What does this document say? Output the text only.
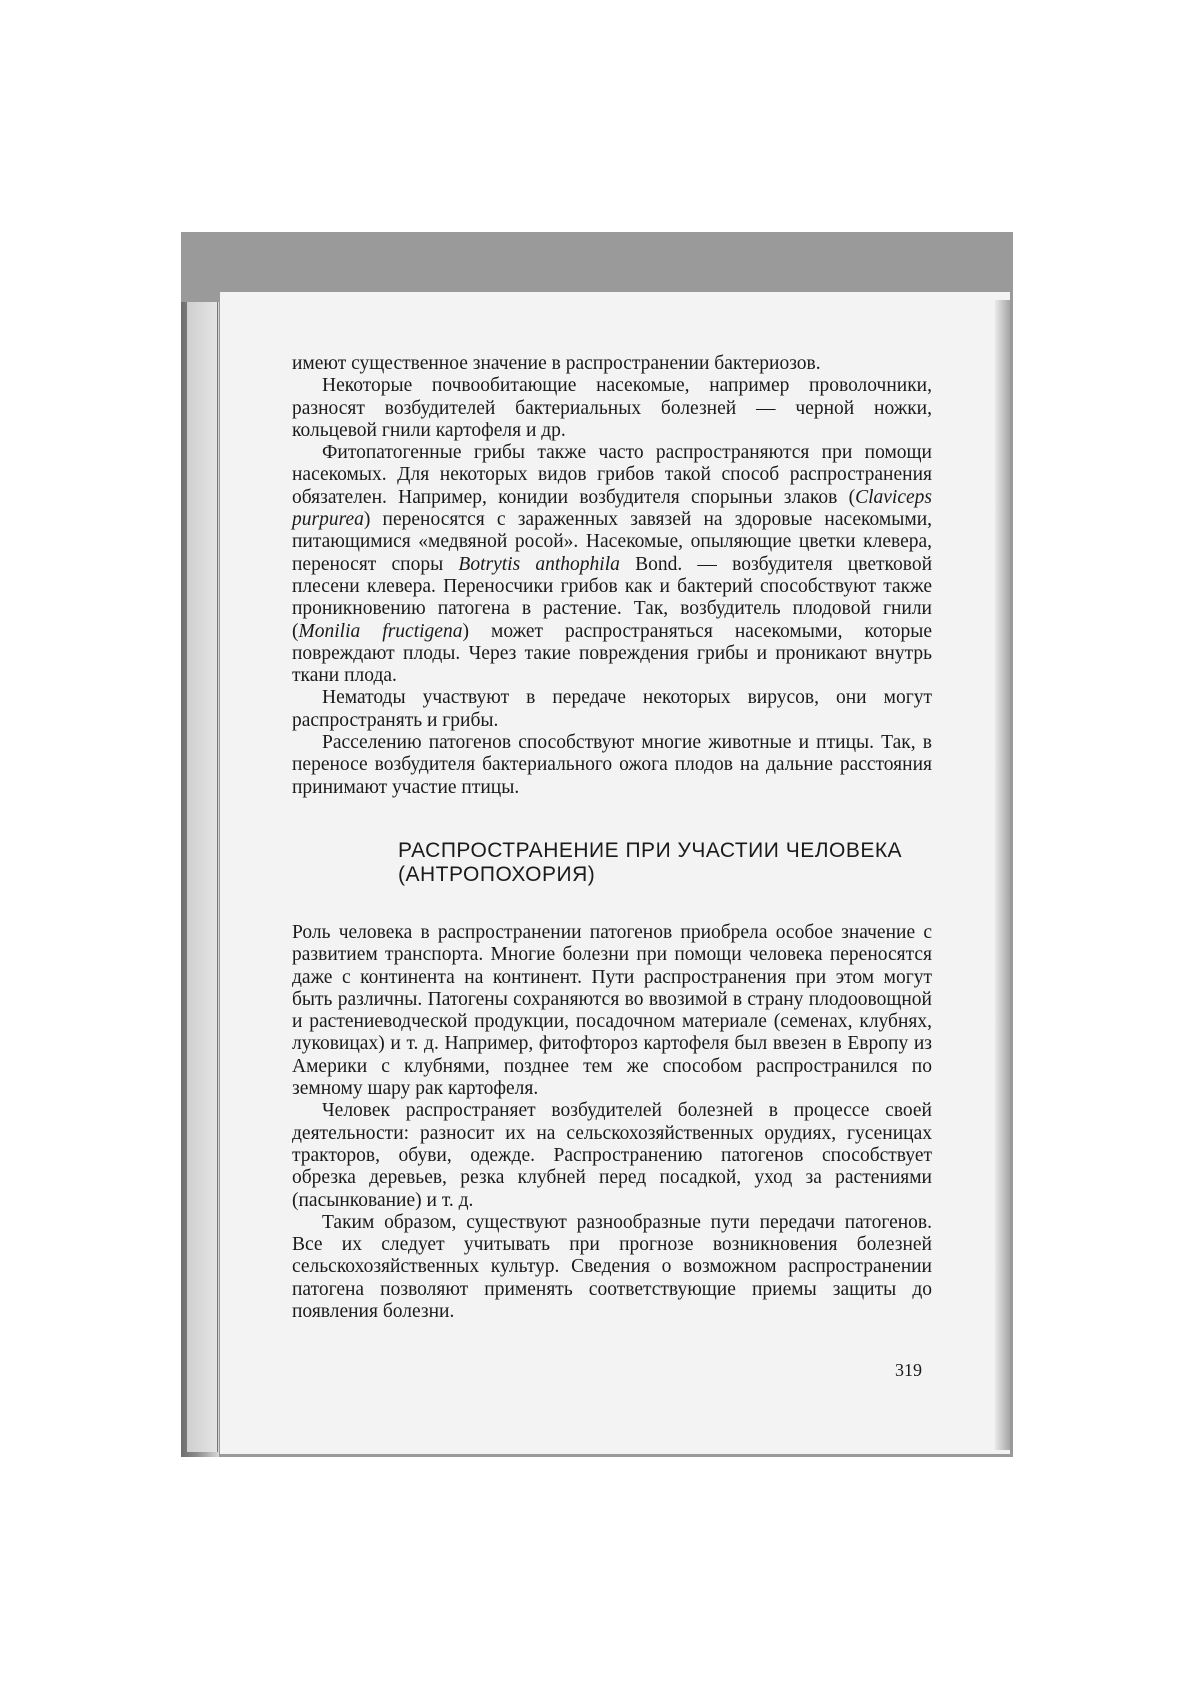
имеют существенное значение в распространении бактериозов.

Некоторые почвообитающие насекомые, например проволочники, разносят возбудителей бактериальных болезней — черной ножки, кольцевой гнили картофеля и др.

Фитопатогенные грибы также часто распространяются при помощи насекомых. Для некоторых видов грибов такой способ распространения обязателен. Например, конидии возбудителя спорыньи злаков (Claviceps purpurea) переносятся с зараженных завязей на здоровые насекомыми, питающимися «медвяной росой». Насекомые, опыляющие цветки клевера, переносят споры Botrytis anthophila Bond. — возбудителя цветковой плесени клевера. Переносчики грибов как и бактерий способствуют также проникновению патогена в растение. Так, возбудитель плодовой гнили (Monilia fructigena) может распространяться насекомыми, которые повреждают плоды. Через такие повреждения грибы и проникают внутрь ткани плода.

Нематоды участвуют в передаче некоторых вирусов, они могут распространять и грибы.

Расселению патогенов способствуют многие животные и птицы. Так, в переносе возбудителя бактериального ожога плодов на дальние расстояния принимают участие птицы.

РАСПРОСТРАНЕНИЕ ПРИ УЧАСТИИ ЧЕЛОВЕКА
(АНТРОПОХОРИЯ)

Роль человека в распространении патогенов приобрела особое значение с развитием транспорта. Многие болезни при помощи человека переносятся даже с континента на континент. Пути распространения при этом могут быть различны. Патогены сохраняются во ввозимой в страну плодоовощной и растениеводческой продукции, посадочном материале (семенах, клубнях, луковицах) и т. д. Например, фитофтороз картофеля был ввезен в Европу из Америки с клубнями, позднее тем же способом распространился по земному шару рак картофеля.

Человек распространяет возбудителей болезней в процессе своей деятельности: разносит их на сельскохозяйственных орудиях, гусеницах тракторов, обуви, одежде. Распространению патогенов способствует обрезка деревьев, резка клубней перед посадкой, уход за растениями (пасынкование) и т. д.

Таким образом, существуют разнообразные пути передачи патогенов. Все их следует учитывать при прогнозе возникновения болезней сельскохозяйственных культур. Сведения о возможном распространении патогена позволяют применять соответствующие приемы защиты до появления болезни.

319
